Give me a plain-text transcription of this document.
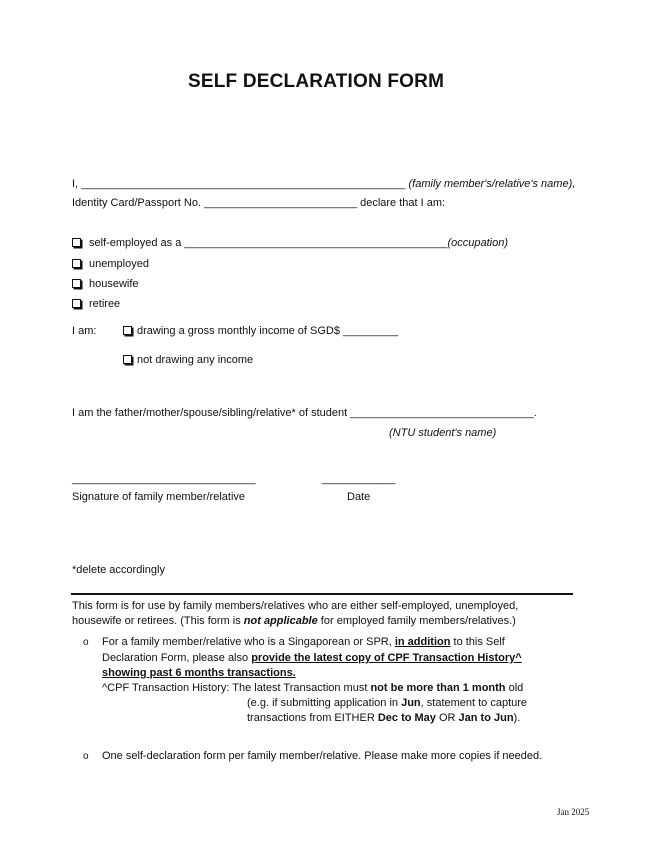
SELF DECLARATION FORM
I, _____________________________________________________ (family member's/relative's name),
Identity Card/Passport No. _________________________ declare that I am:
self-employed as a ___________________________________________(occupation)
unemployed
housewife
retiree
I am:	drawing a gross monthly income of SGD$ _________
not drawing any income
I am the father/mother/spouse/sibling/relative* of student ______________________________.
(NTU student's name)
______________________________	____________
Signature of family member/relative	Date
*delete accordingly
This form is for use by family members/relatives who are either self-employed, unemployed,
housewife or retirees. (This form is not applicable for employed family members/relatives.)
o For a family member/relative who is a Singaporean or SPR, in addition to this Self
Declaration Form, please also provide the latest copy of CPF Transaction History^
showing past 6 months transactions.
^CPF Transaction History: The latest Transaction must not be more than 1 month old
(e.g. if submitting application in Jun, statement to capture
transactions from EITHER Dec to May OR Jan to Jun).
o One self-declaration form per family member/relative. Please make more copies if needed.
Jan 2025
